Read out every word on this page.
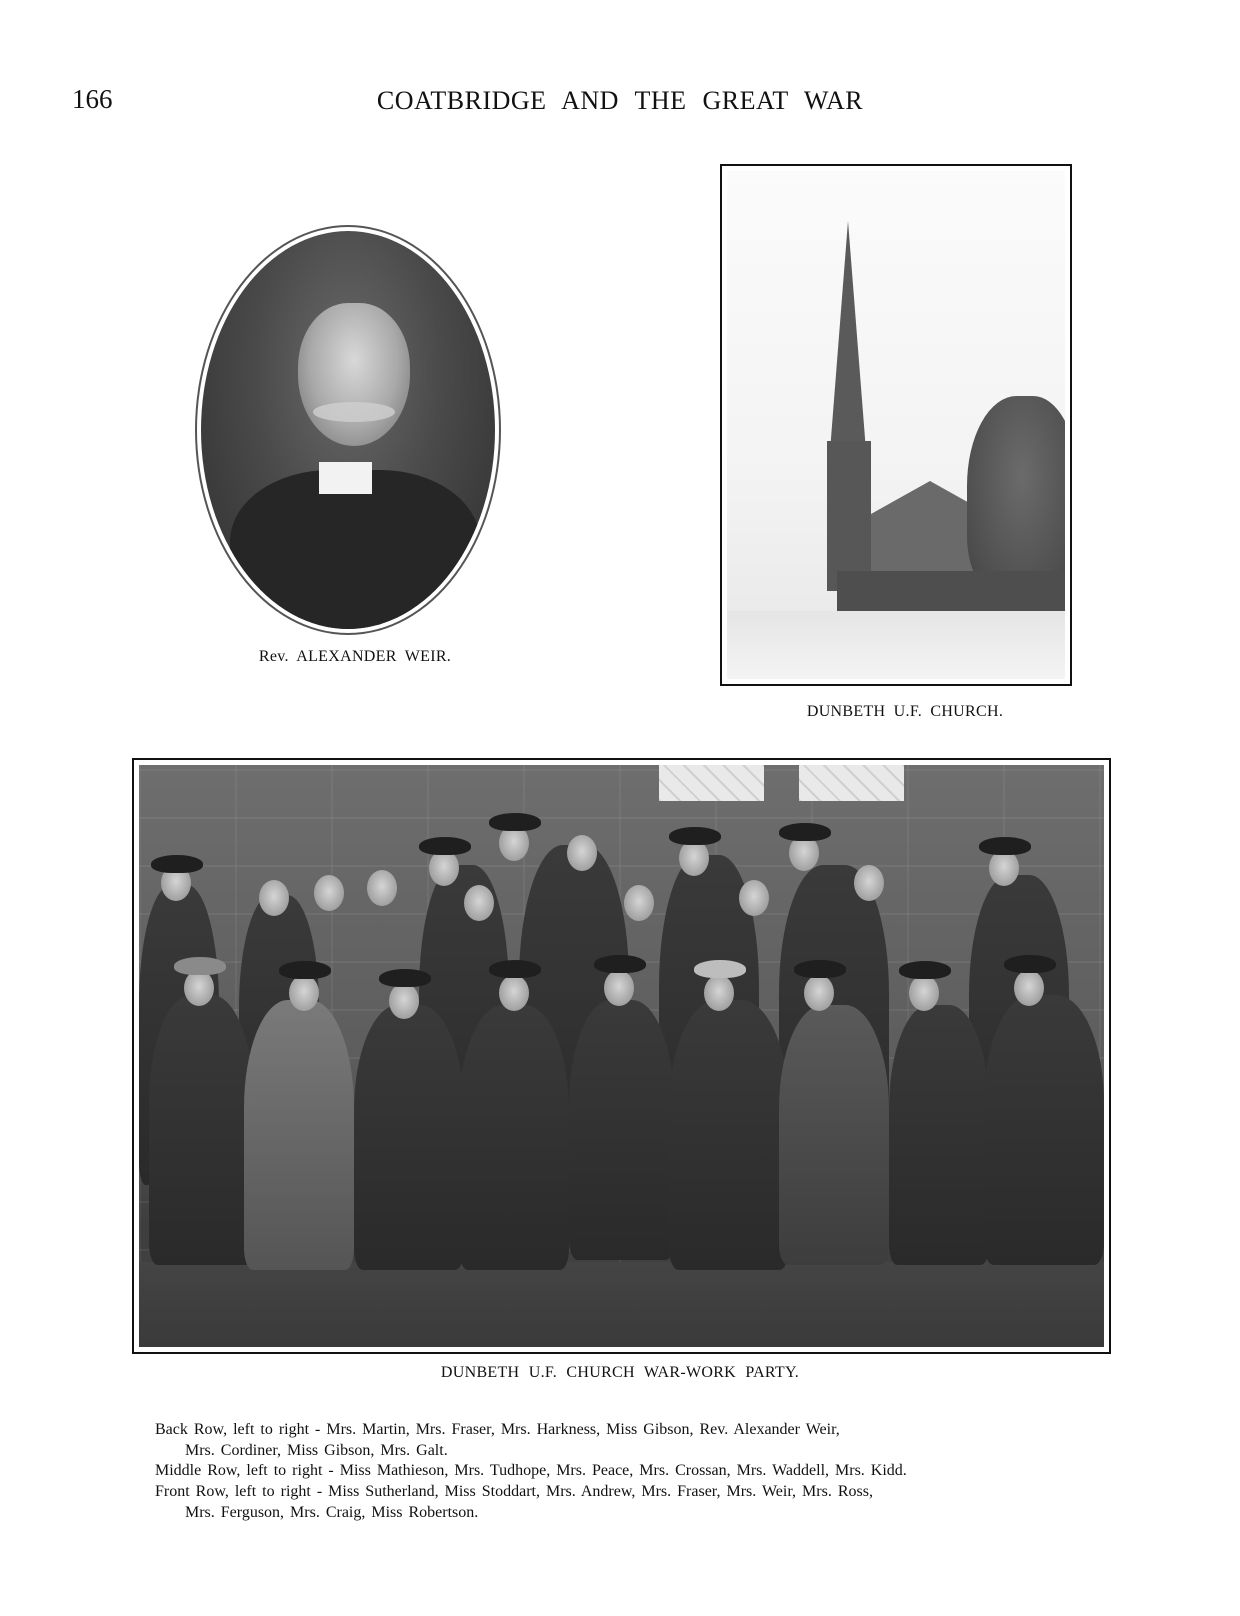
166	COATBRIDGE AND THE GREAT WAR
Rev. ALEXANDER WEIR.
DUNBETH U.F. CHURCH.
DUNBETH U.F. CHURCH WAR-WORK PARTY.
Back Row, left to right - Mrs. Martin, Mrs. Fraser, Mrs. Harkness, Miss Gibson, Rev. Alexander Weir,
Mrs. Cordiner, Miss Gibson, Mrs. Galt.
Middle Row, left to right - Miss Mathieson, Mrs. Tudhope, Mrs. Peace, Mrs. Crossan, Mrs. Waddell, Mrs. Kidd.
Front Row, left to right - Miss Sutherland, Miss Stoddart, Mrs. Andrew, Mrs. Fraser, Mrs. Weir, Mrs. Ross,
Mrs. Ferguson, Mrs. Craig, Miss Robertson.
